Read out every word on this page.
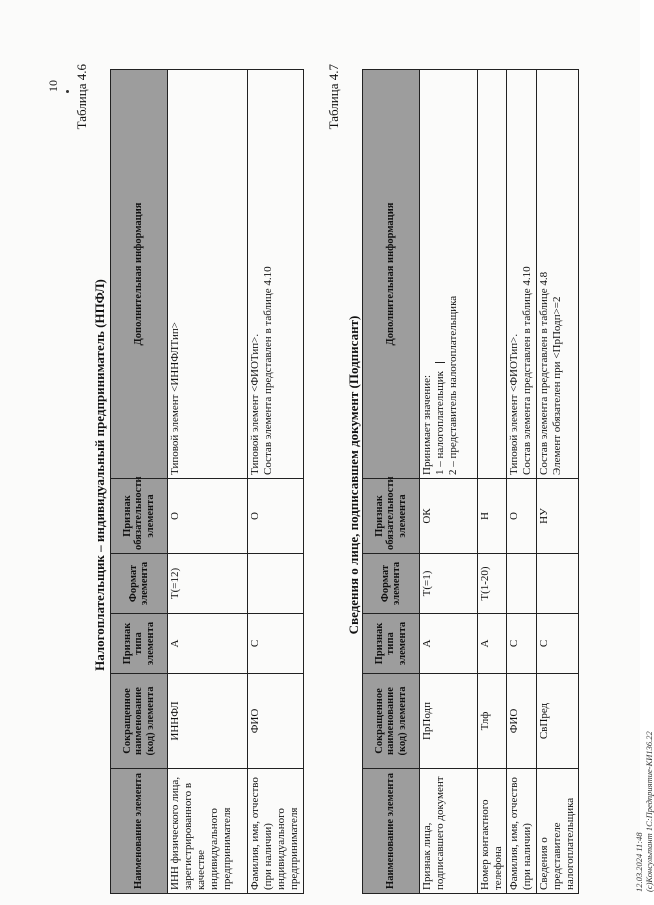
10 Таблица 4.6
Налогоплательщик – индивидуальный предприниматель (НПФЛ)
Наименование элемента	Сокращенное наименование (код) элемента	Признак типа элемента	Формат элемента	Признак обязательности элемента	Дополнительная информация
ИНН физического лица, зарегистрированного в качестве индивидуального предпринимателя	ИННФЛ	А	Т(=12)	О	Типовой элемент <ИННФЛТип>

Фамилия, имя, отчество (при наличии) индивидуального предпринимателя	ФИО	С		О	Типовой элемент <ФИОТип>. Состав элемента представлен в таблице 4.10
Таблица 4.7
Сведения о лице, подписавшем документ (Подписант)
Наименование элемента	Сокращенное наименование (код) элемента	Признак типа элемента	Формат элемента	Признак обязательности элемента	Дополнительная информация
Признак лица, подписавшего документ	ПрПодп	А	Т(=1)	ОК	Принимает значение: 1 – налогоплательщик 2 – представитель налогоплательщика

Номер контактного телефона	Тлф	А	Т(1-20)	Н	
Фамилия, имя, отчество (при наличии)	ФИО	С		О	Типовой элемент <ФИОТип>. Состав элемента представлен в таблице 4.10

Сведения о представителе налогоплательщика	СвПред	С		НУ	Состав элемента представлен в таблице 4.8 Элемент обязателен при <ПрПодп>=2
12.03.2024 11:48 (c)Консультант 1С:Предприятие-КИ136.22
